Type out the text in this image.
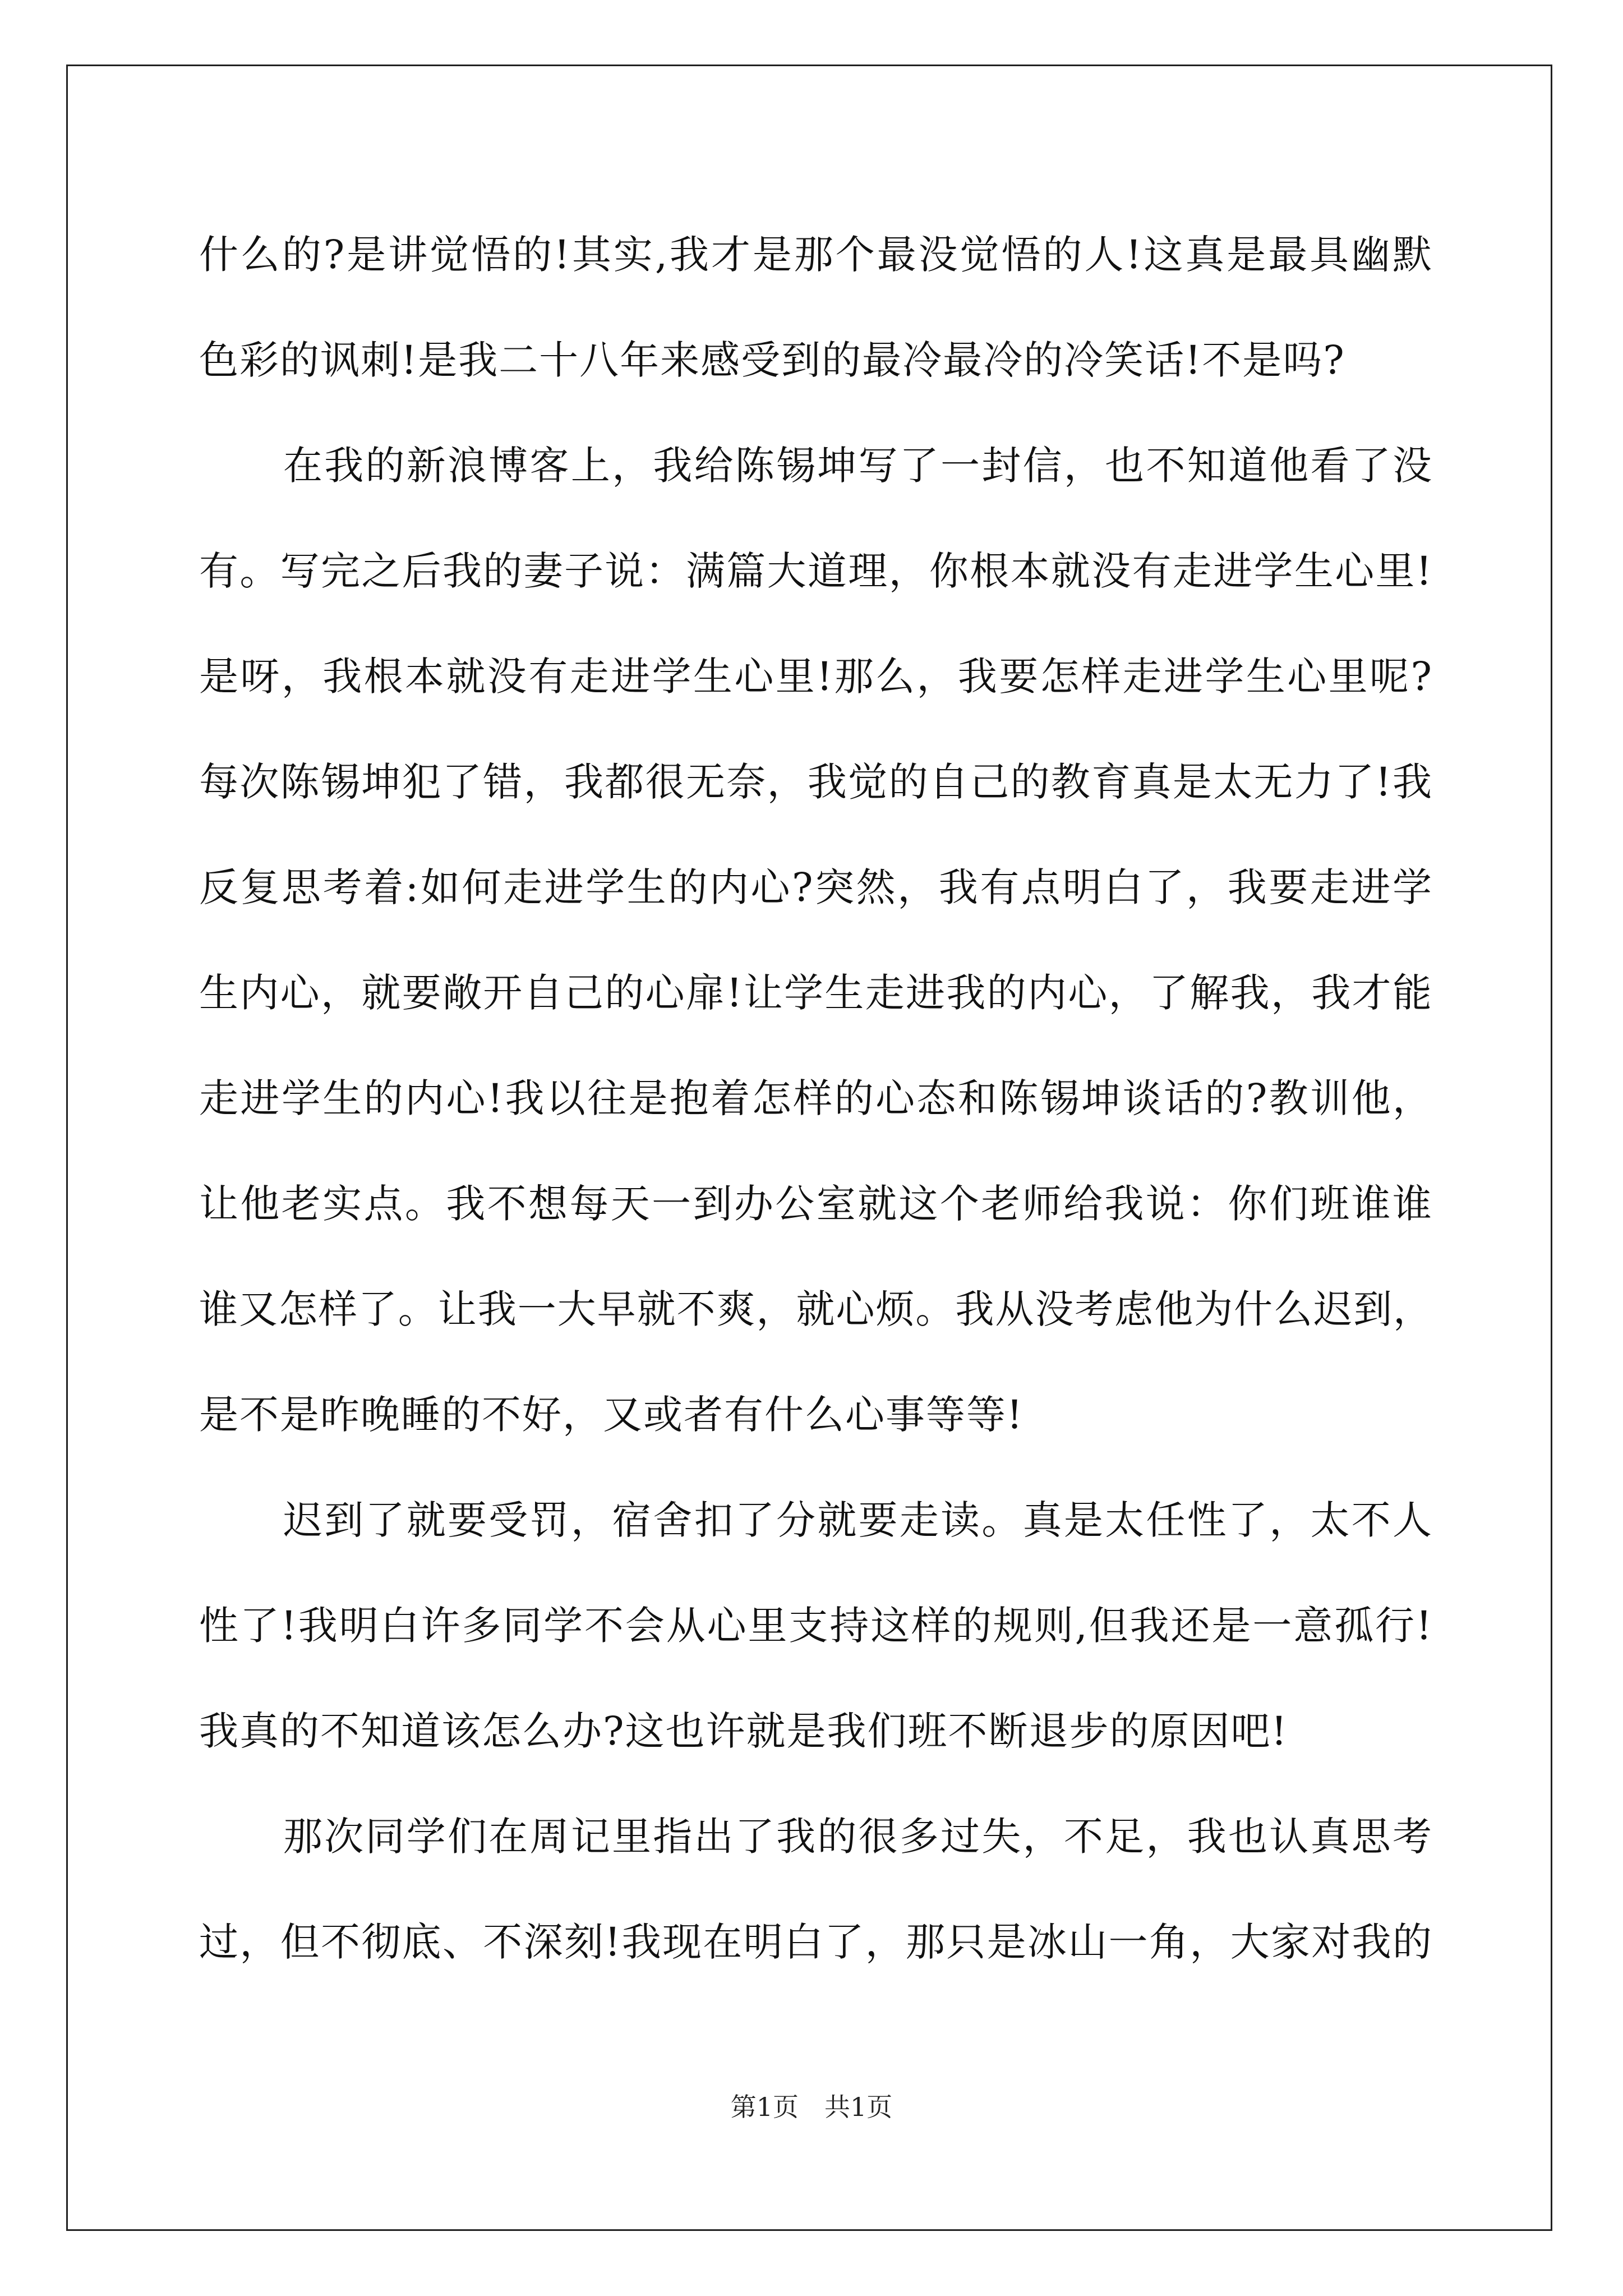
什么的?是讲觉悟的!其实,我才是那个最没觉悟的人!这真是最具幽默
色彩的讽刺!是我二十八年来感受到的最冷最冷的冷笑话!不是吗?
在我的新浪博客上，我给陈锡坤写了一封信，也不知道他看了没
有。写完之后我的妻子说：满篇大道理，你根本就没有走进学生心里!
是呀，我根本就没有走进学生心里!那么，我要怎样走进学生心里呢?
每次陈锡坤犯了错，我都很无奈，我觉的自己的教育真是太无力了!我
反复思考着:如何走进学生的内心?突然，我有点明白了，我要走进学
生内心，就要敞开自己的心扉!让学生走进我的内心，了解我，我才能
走进学生的内心!我以往是抱着怎样的心态和陈锡坤谈话的?教训他，
让他老实点。我不想每天一到办公室就这个老师给我说：你们班谁谁
谁又怎样了。让我一大早就不爽，就心烦。我从没考虑他为什么迟到，
是不是昨晚睡的不好，又或者有什么心事等等!
迟到了就要受罚，宿舍扣了分就要走读。真是太任性了，太不人
性了!我明白许多同学不会从心里支持这样的规则,但我还是一意孤行!
我真的不知道该怎么办?这也许就是我们班不断退步的原因吧!
那次同学们在周记里指出了我的很多过失，不足，我也认真思考
过，但不彻底、不深刻!我现在明白了，那只是冰山一角，大家对我的
第1页　共1页
